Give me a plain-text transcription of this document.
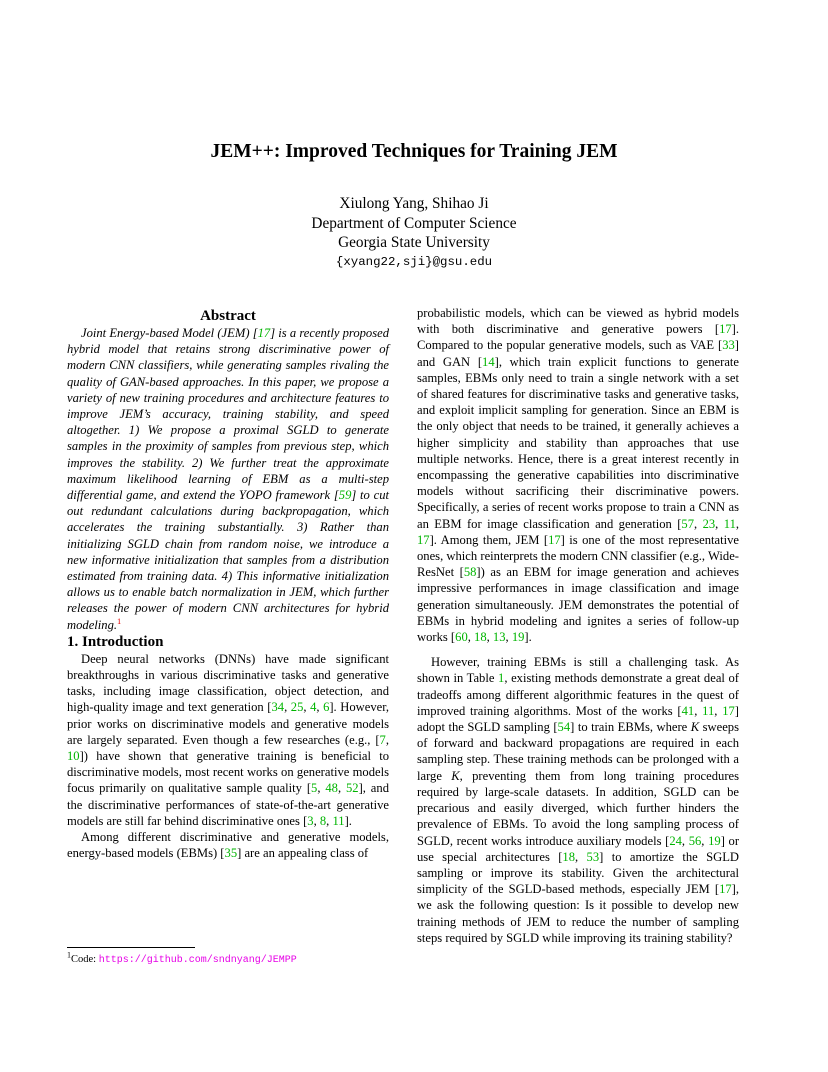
JEM++: Improved Techniques for Training JEM
Xiulong Yang, Shihao Ji
Department of Computer Science
Georgia State University
{xyang22,sji}@gsu.edu
Abstract

Joint Energy-based Model (JEM) [17] is a recently proposed hybrid model that retains strong discriminative power of modern CNN classifiers, while generating samples rivaling the quality of GAN-based approaches. In this paper, we propose a variety of new training procedures and architecture features to improve JEM’s accuracy, training stability, and speed altogether. 1) We propose a proximal SGLD to generate samples in the proximity of samples from previous step, which improves the stability. 2) We further treat the approximate maximum likelihood learning of EBM as a multi-step differential game, and extend the YOPO framework [59] to cut out redundant calculations during backpropagation, which accelerates the training substantially. 3) Rather than initializing SGLD chain from random noise, we introduce a new informative initialization that samples from a distribution estimated from training data. 4) This informative initialization allows us to enable batch normalization in JEM, which further releases the power of modern CNN architectures for hybrid modeling.$^1$

1. Introduction

Deep neural networks (DNNs) have made significant breakthroughs in various discriminative tasks and generative tasks, including image classification, object detection, and high-quality image and text generation [34, 25, 4, 6]. However, prior works on discriminative models and generative models are largely separated. Even though a few researches (e.g., [7, 10]) have shown that generative training is beneficial to discriminative models, most recent works on generative models focus primarily on qualitative sample quality [5, 48, 52], and the discriminative performances of state-of-the-art generative models are still far behind discriminative ones [3, 8, 11].

Among different discriminative and generative models, energy-based models (EBMs) [35] are an appealing class of

probabilistic models, which can be viewed as hybrid models with both discriminative and generative powers [17]. Compared to the popular generative models, such as VAE [33] and GAN [14], which train explicit functions to generate samples, EBMs only need to train a single network with a set of shared features for discriminative tasks and generative tasks, and exploit implicit sampling for generation. Since an EBM is the only object that needs to be trained, it generally achieves a higher simplicity and stability than approaches that use multiple networks. Hence, there is a great interest recently in encompassing the generative capabilities into discriminative models without sacrificing their discriminative powers. Specifically, a series of recent works propose to train a CNN as an EBM for image classification and generation [57, 23, 11, 17]. Among them, JEM [17] is one of the most representative ones, which reinterprets the modern CNN classifier (e.g., Wide-ResNet [58]) as an EBM for image generation and achieves impressive performances in image classification and image generation simultaneously. JEM demonstrates the potential of EBMs in hybrid modeling and ignites a series of follow-up works [60, 18, 13, 19].

However, training EBMs is still a challenging task. As shown in Table 1, existing methods demonstrate a great deal of tradeoffs among different algorithmic features in the quest of improved training algorithms. Most of the works [41, 11, 17] adopt the SGLD sampling [54] to train EBMs, where K sweeps of forward and backward propagations are required in each sampling step. These training methods can be prolonged with a large K, preventing them from long training procedures required by large-scale datasets. In addition, SGLD can be precarious and easily diverged, which further hinders the prevalence of EBMs. To avoid the long sampling process of SGLD, recent works introduce auxiliary models [24, 56, 19] or use special architectures [18, 53] to amortize the SGLD sampling or improve its stability. Given the architectural simplicity of the SGLD-based methods, especially JEM [17], we ask the following question: Is it possible to develop new training methods of JEM to reduce the number of sampling steps required by SGLD while improving its training stability?

$^1$Code: https://github.com/sndnyang/JEMPP
